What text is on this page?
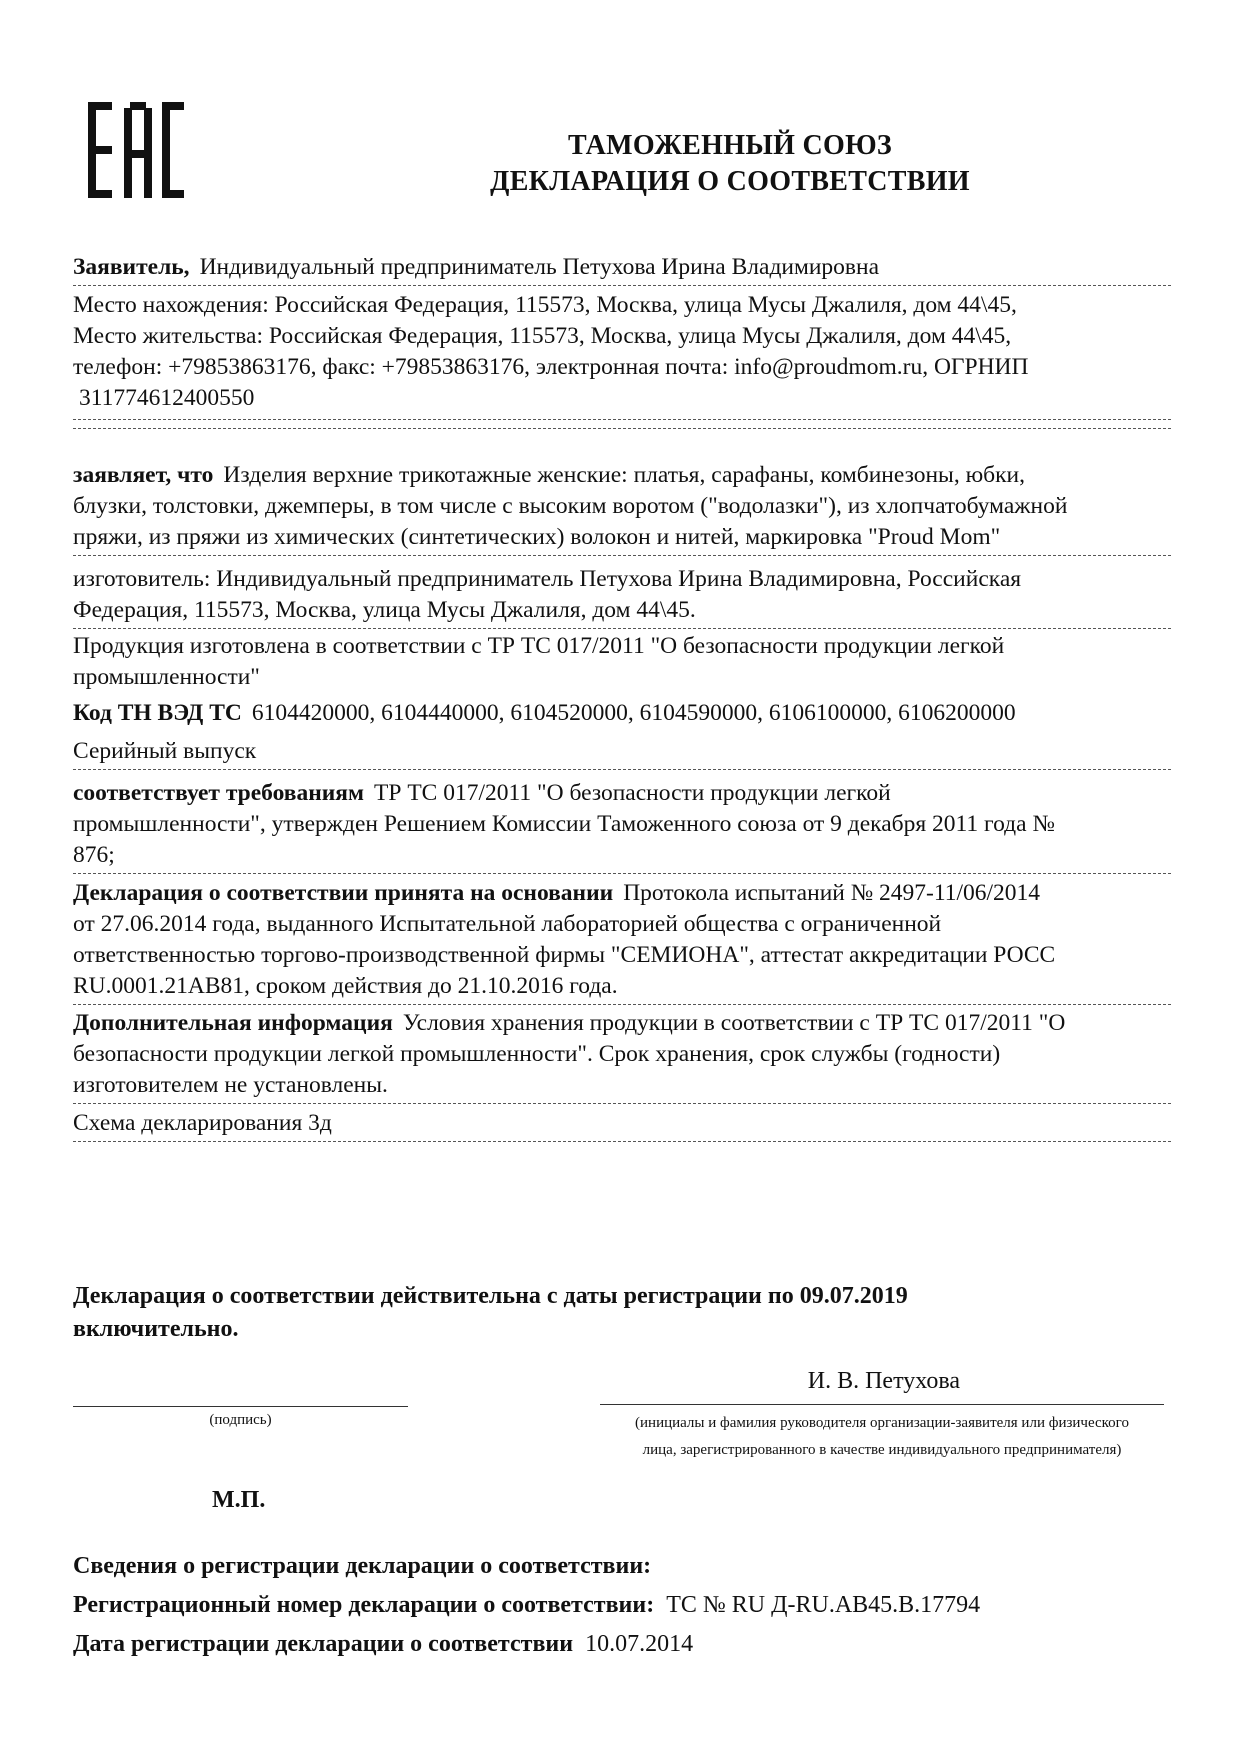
ТАМОЖЕННЫЙ СОЮЗ
ДЕКЛАРАЦИЯ О СООТВЕТСТВИИ
Заявитель, Индивидуальный предприниматель Петухова Ирина Владимировна
Место нахождения: Российская Федерация, 115573, Москва, улица Мусы Джалиля, дом 44\45,
Место жительства: Российская Федерация, 115573, Москва, улица Мусы Джалиля, дом 44\45,
телефон: +79853863176, факс: +79853863176, электронная почта: info@proudmom.ru, ОГРНИП
311774612400550
заявляет, что Изделия верхние трикотажные женские: платья, сарафаны, комбинезоны, юбки,
блузки, толстовки, джемперы, в том числе с высоким воротом ("водолазки"), из хлопчатобумажной
пряжи, из пряжи из химических (синтетических) волокон и нитей, маркировка "Proud Mom"
изготовитель: Индивидуальный предприниматель Петухова Ирина Владимировна, Российская
Федерация, 115573, Москва, улица Мусы Джалиля, дом 44\45.
Продукция изготовлена в соответствии с ТР ТС 017/2011 "О безопасности продукции легкой
промышленности"
Код ТН ВЭД ТС 6104420000, 6104440000, 6104520000, 6104590000, 6106100000, 6106200000
Серийный выпуск
соответствует требованиям ТР ТС 017/2011 "О безопасности продукции легкой
промышленности", утвержден Решением Комиссии Таможенного союза от 9 декабря 2011 года №
876;
Декларация о соответствии принята на основании Протокола испытаний № 2497-11/06/2014
от 27.06.2014 года, выданного Испытательной лабораторией общества с ограниченной
ответственностью торгово-производственной фирмы "СЕМИОНА", аттестат аккредитации РОСС
RU.0001.21АВ81, сроком действия до 21.10.2016 года.
Дополнительная информация Условия хранения продукции в соответствии с ТР ТС 017/2011 "О
безопасности продукции легкой промышленности". Срок хранения, срок службы (годности)
изготовителем не установлены.
Схема декларирования 3д
Декларация о соответствии действительна с даты регистрации по 09.07.2019
включительно.
(подпись)
И. В. Петухова
(инициалы и фамилия руководителя организации-заявителя или физического
лица, зарегистрированного в качестве индивидуального предпринимателя)
М.П.
Сведения о регистрации декларации о соответствии:
Регистрационный номер декларации о соответствии: ТС № RU Д-RU.АВ45.В.17794
Дата регистрации декларации о соответствии 10.07.2014
